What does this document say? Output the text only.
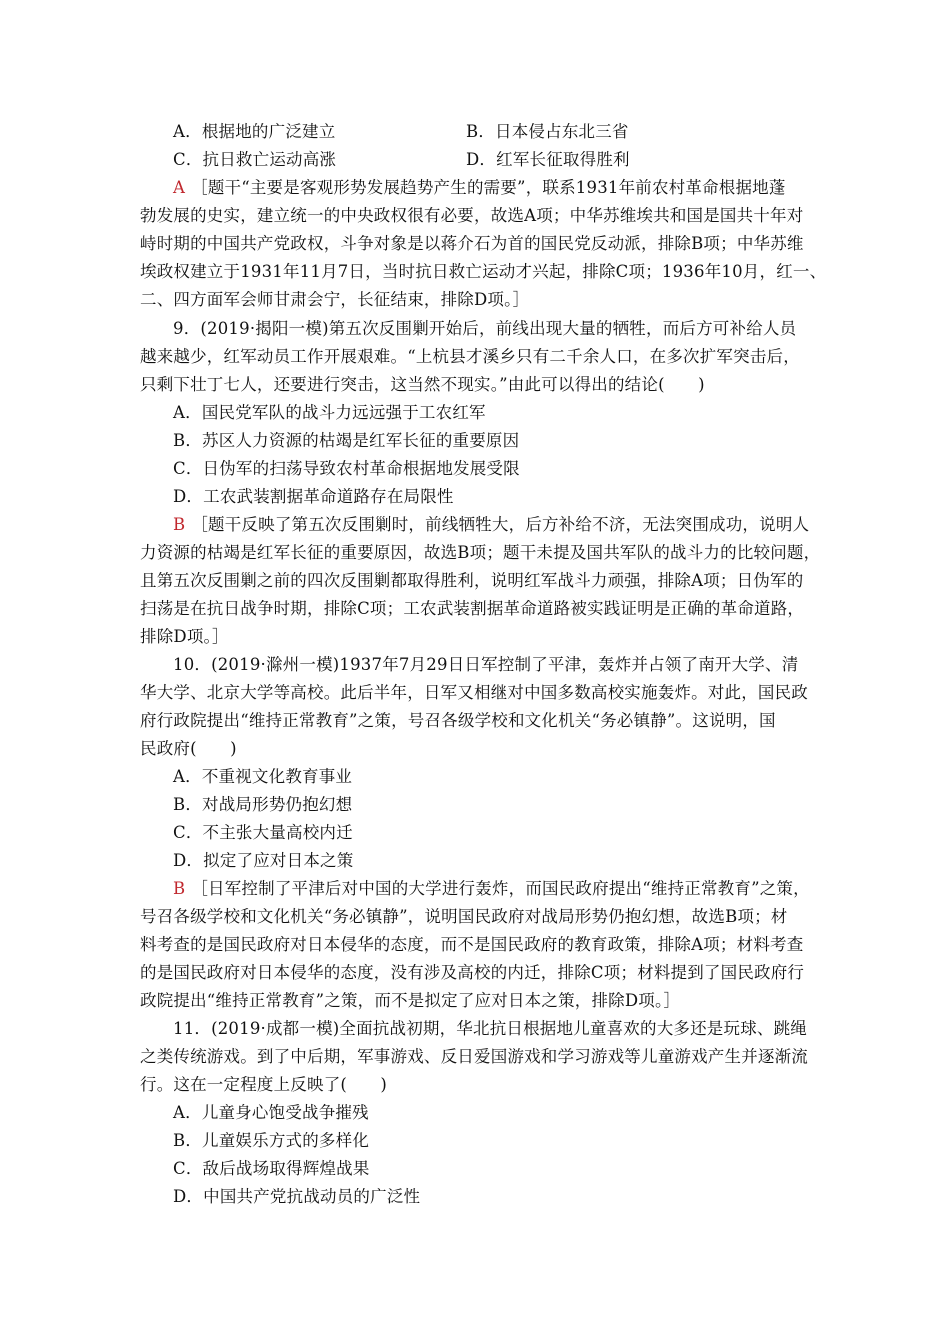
A．根据地的广泛建立	B．日本侵占东北三省
C．抗日救亡运动高涨	D．红军长征取得胜利
A ［题干“主要是客观形势发展趋势产生的需要”，联系1931年前农村革命根据地蓬
勃发展的史实，建立统一的中央政权很有必要，故选A项；中华苏维埃共和国是国共十年对
峙时期的中国共产党政权，斗争对象是以蒋介石为首的国民党反动派，排除B项；中华苏维
埃政权建立于1931年11月7日，当时抗日救亡运动才兴起，排除C项；1936年10月，红一、
二、四方面军会师甘肃会宁，长征结束，排除D项。］
9．(2019·揭阳一模)第五次反围剿开始后，前线出现大量的牺牲，而后方可补给人员
越来越少，红军动员工作开展艰难。“上杭县才溪乡只有二千余人口，在多次扩军突击后，
只剩下壮丁七人，还要进行突击，这当然不现实。”由此可以得出的结论(　　)
A．国民党军队的战斗力远远强于工农红军
B．苏区人力资源的枯竭是红军长征的重要原因
C．日伪军的扫荡导致农村革命根据地发展受限
D．工农武装割据革命道路存在局限性
B ［题干反映了第五次反围剿时，前线牺牲大，后方补给不济，无法突围成功，说明人
力资源的枯竭是红军长征的重要原因，故选B项；题干未提及国共军队的战斗力的比较问题，
且第五次反围剿之前的四次反围剿都取得胜利，说明红军战斗力顽强，排除A项；日伪军的
扫荡是在抗日战争时期，排除C项；工农武装割据革命道路被实践证明是正确的革命道路，
排除D项。］
10．(2019·滁州一模)1937年7月29日日军控制了平津，轰炸并占领了南开大学、清
华大学、北京大学等高校。此后半年，日军又相继对中国多数高校实施轰炸。对此，国民政
府行政院提出“维持正常教育”之策，号召各级学校和文化机关“务必镇静”。这说明，国
民政府(　　)
A．不重视文化教育事业
B．对战局形势仍抱幻想
C．不主张大量高校内迁
D．拟定了应对日本之策
B ［日军控制了平津后对中国的大学进行轰炸，而国民政府提出“维持正常教育”之策，
号召各级学校和文化机关“务必镇静”，说明国民政府对战局形势仍抱幻想，故选B项；材
料考查的是国民政府对日本侵华的态度，而不是国民政府的教育政策，排除A项；材料考查
的是国民政府对日本侵华的态度，没有涉及高校的内迁，排除C项；材料提到了国民政府行
政院提出“维持正常教育”之策，而不是拟定了应对日本之策，排除D项。］
11．(2019·成都一模)全面抗战初期，华北抗日根据地儿童喜欢的大多还是玩球、跳绳
之类传统游戏。到了中后期，军事游戏、反日爱国游戏和学习游戏等儿童游戏产生并逐渐流
行。这在一定程度上反映了(　　)
A．儿童身心饱受战争摧残
B．儿童娱乐方式的多样化
C．敌后战场取得辉煌战果
D．中国共产党抗战动员的广泛性
